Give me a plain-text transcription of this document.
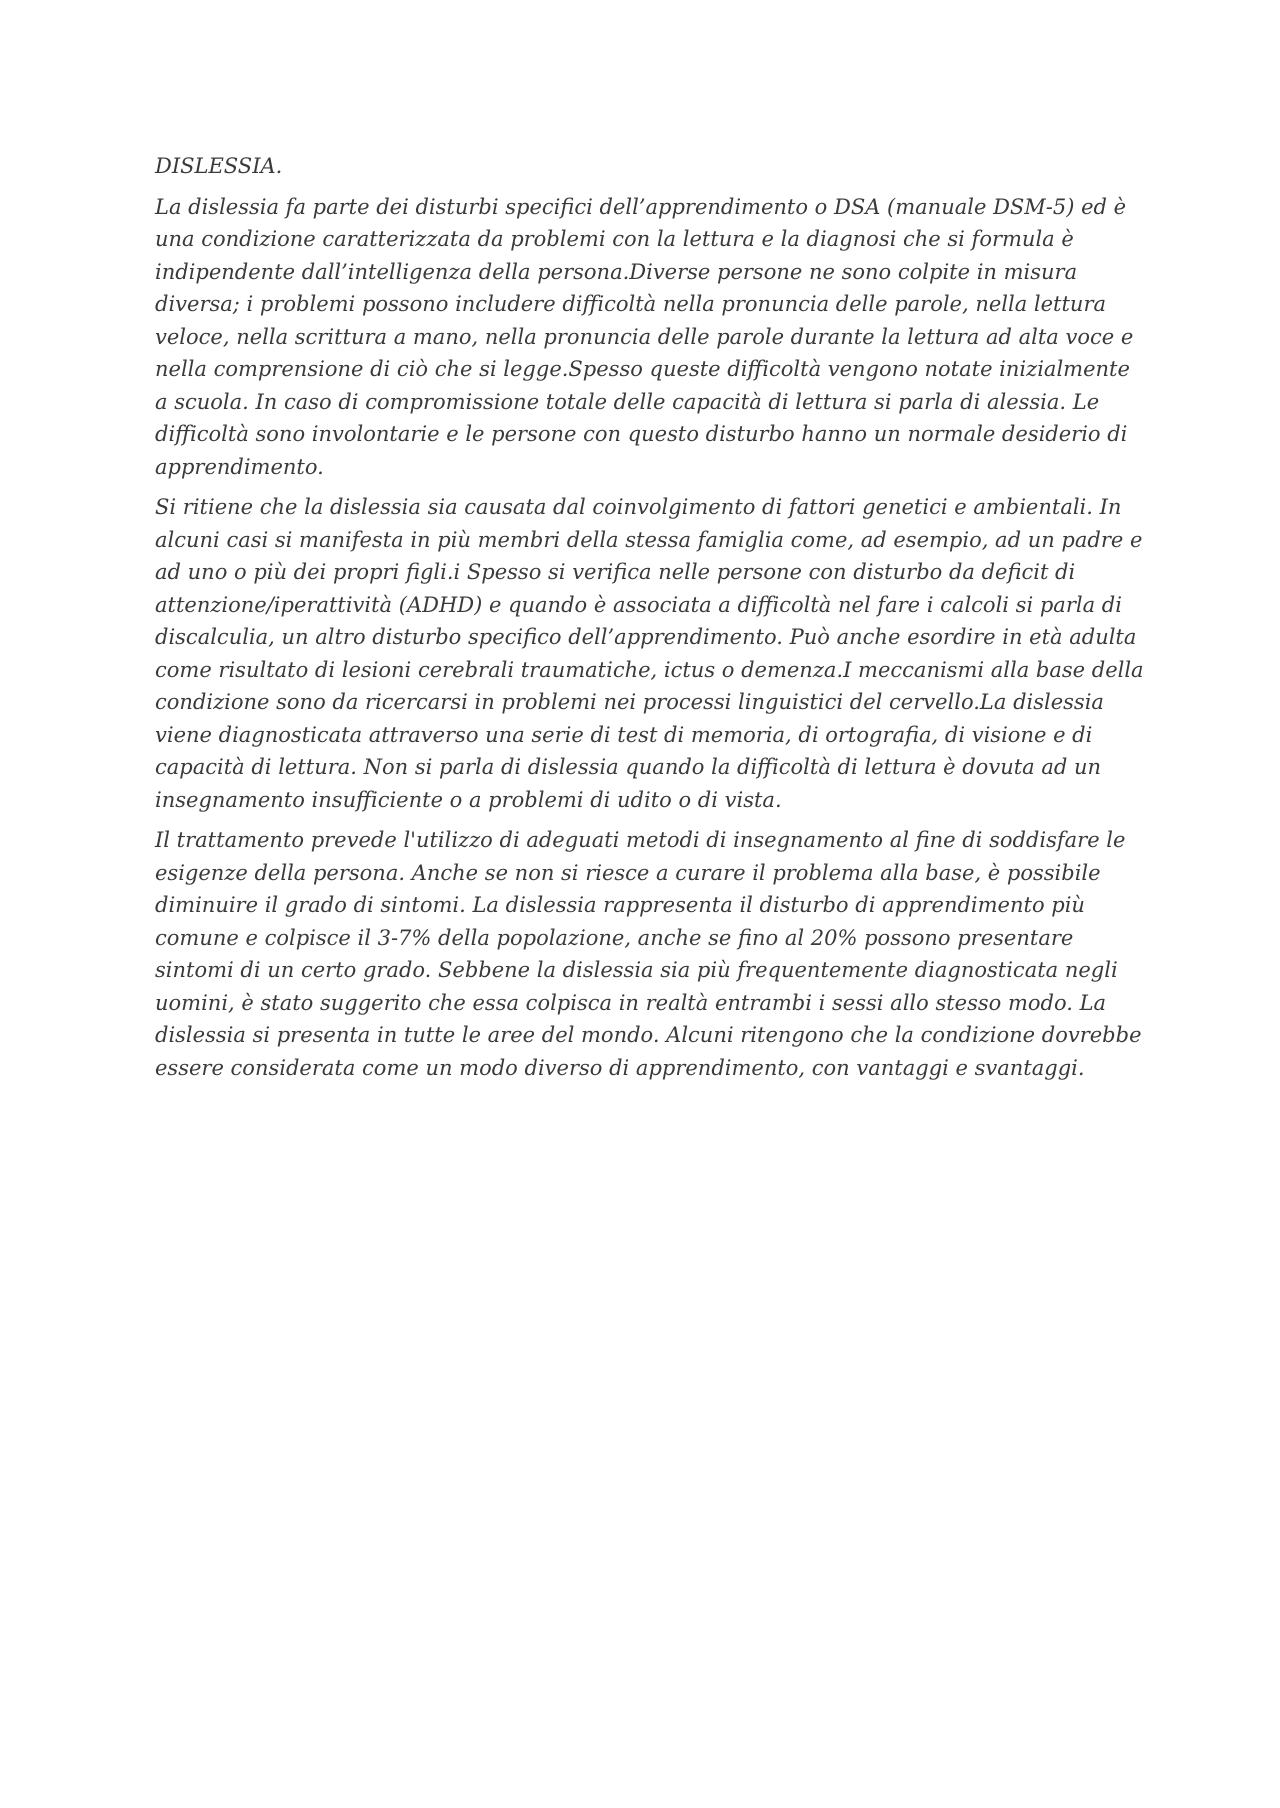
DISLESSIA.

La dislessia fa parte dei disturbi specifici dell’apprendimento o DSA (manuale DSM-5) ed è una condizione caratterizzata da problemi con la lettura e la diagnosi che si formula è indipendente dall’intelligenza della persona.Diverse persone ne sono colpite in misura diversa; i problemi possono includere difficoltà nella pronuncia delle parole, nella lettura veloce, nella scrittura a mano, nella pronuncia delle parole durante la lettura ad alta voce e nella comprensione di ciò che si legge.Spesso queste difficoltà vengono notate inizialmente a scuola. In caso di compromissione totale delle capacità di lettura si parla di alessia. Le difficoltà sono involontarie e le persone con questo disturbo hanno un normale desiderio di apprendimento.

Si ritiene che la dislessia sia causata dal coinvolgimento di fattori genetici e ambientali. In alcuni casi si manifesta in più membri della stessa famiglia come, ad esempio, ad un padre e ad uno o più dei propri figli.i Spesso si verifica nelle persone con disturbo da deficit di attenzione/iperattività (ADHD) e quando è associata a difficoltà nel fare i calcoli si parla di discalculia, un altro disturbo specifico dell’apprendimento. Può anche esordire in età adulta come risultato di lesioni cerebrali traumatiche, ictus o demenza.I meccanismi alla base della condizione sono da ricercarsi in problemi nei processi linguistici del cervello.La dislessia viene diagnosticata attraverso una serie di test di memoria, di ortografia, di visione e di capacità di lettura. Non si parla di dislessia quando la difficoltà di lettura è dovuta ad un insegnamento insufficiente o a problemi di udito o di vista.

Il trattamento prevede l'utilizzo di adeguati metodi di insegnamento al fine di soddisfare le esigenze della persona. Anche se non si riesce a curare il problema alla base, è possibile diminuire il grado di sintomi. La dislessia rappresenta il disturbo di apprendimento più comune e colpisce il 3-7% della popolazione, anche se fino al 20% possono presentare sintomi di un certo grado. Sebbene la dislessia sia più frequentemente diagnosticata negli uomini, è stato suggerito che essa colpisca in realtà entrambi i sessi allo stesso modo. La dislessia si presenta in tutte le aree del mondo. Alcuni ritengono che la condizione dovrebbe essere considerata come un modo diverso di apprendimento, con vantaggi e svantaggi.
